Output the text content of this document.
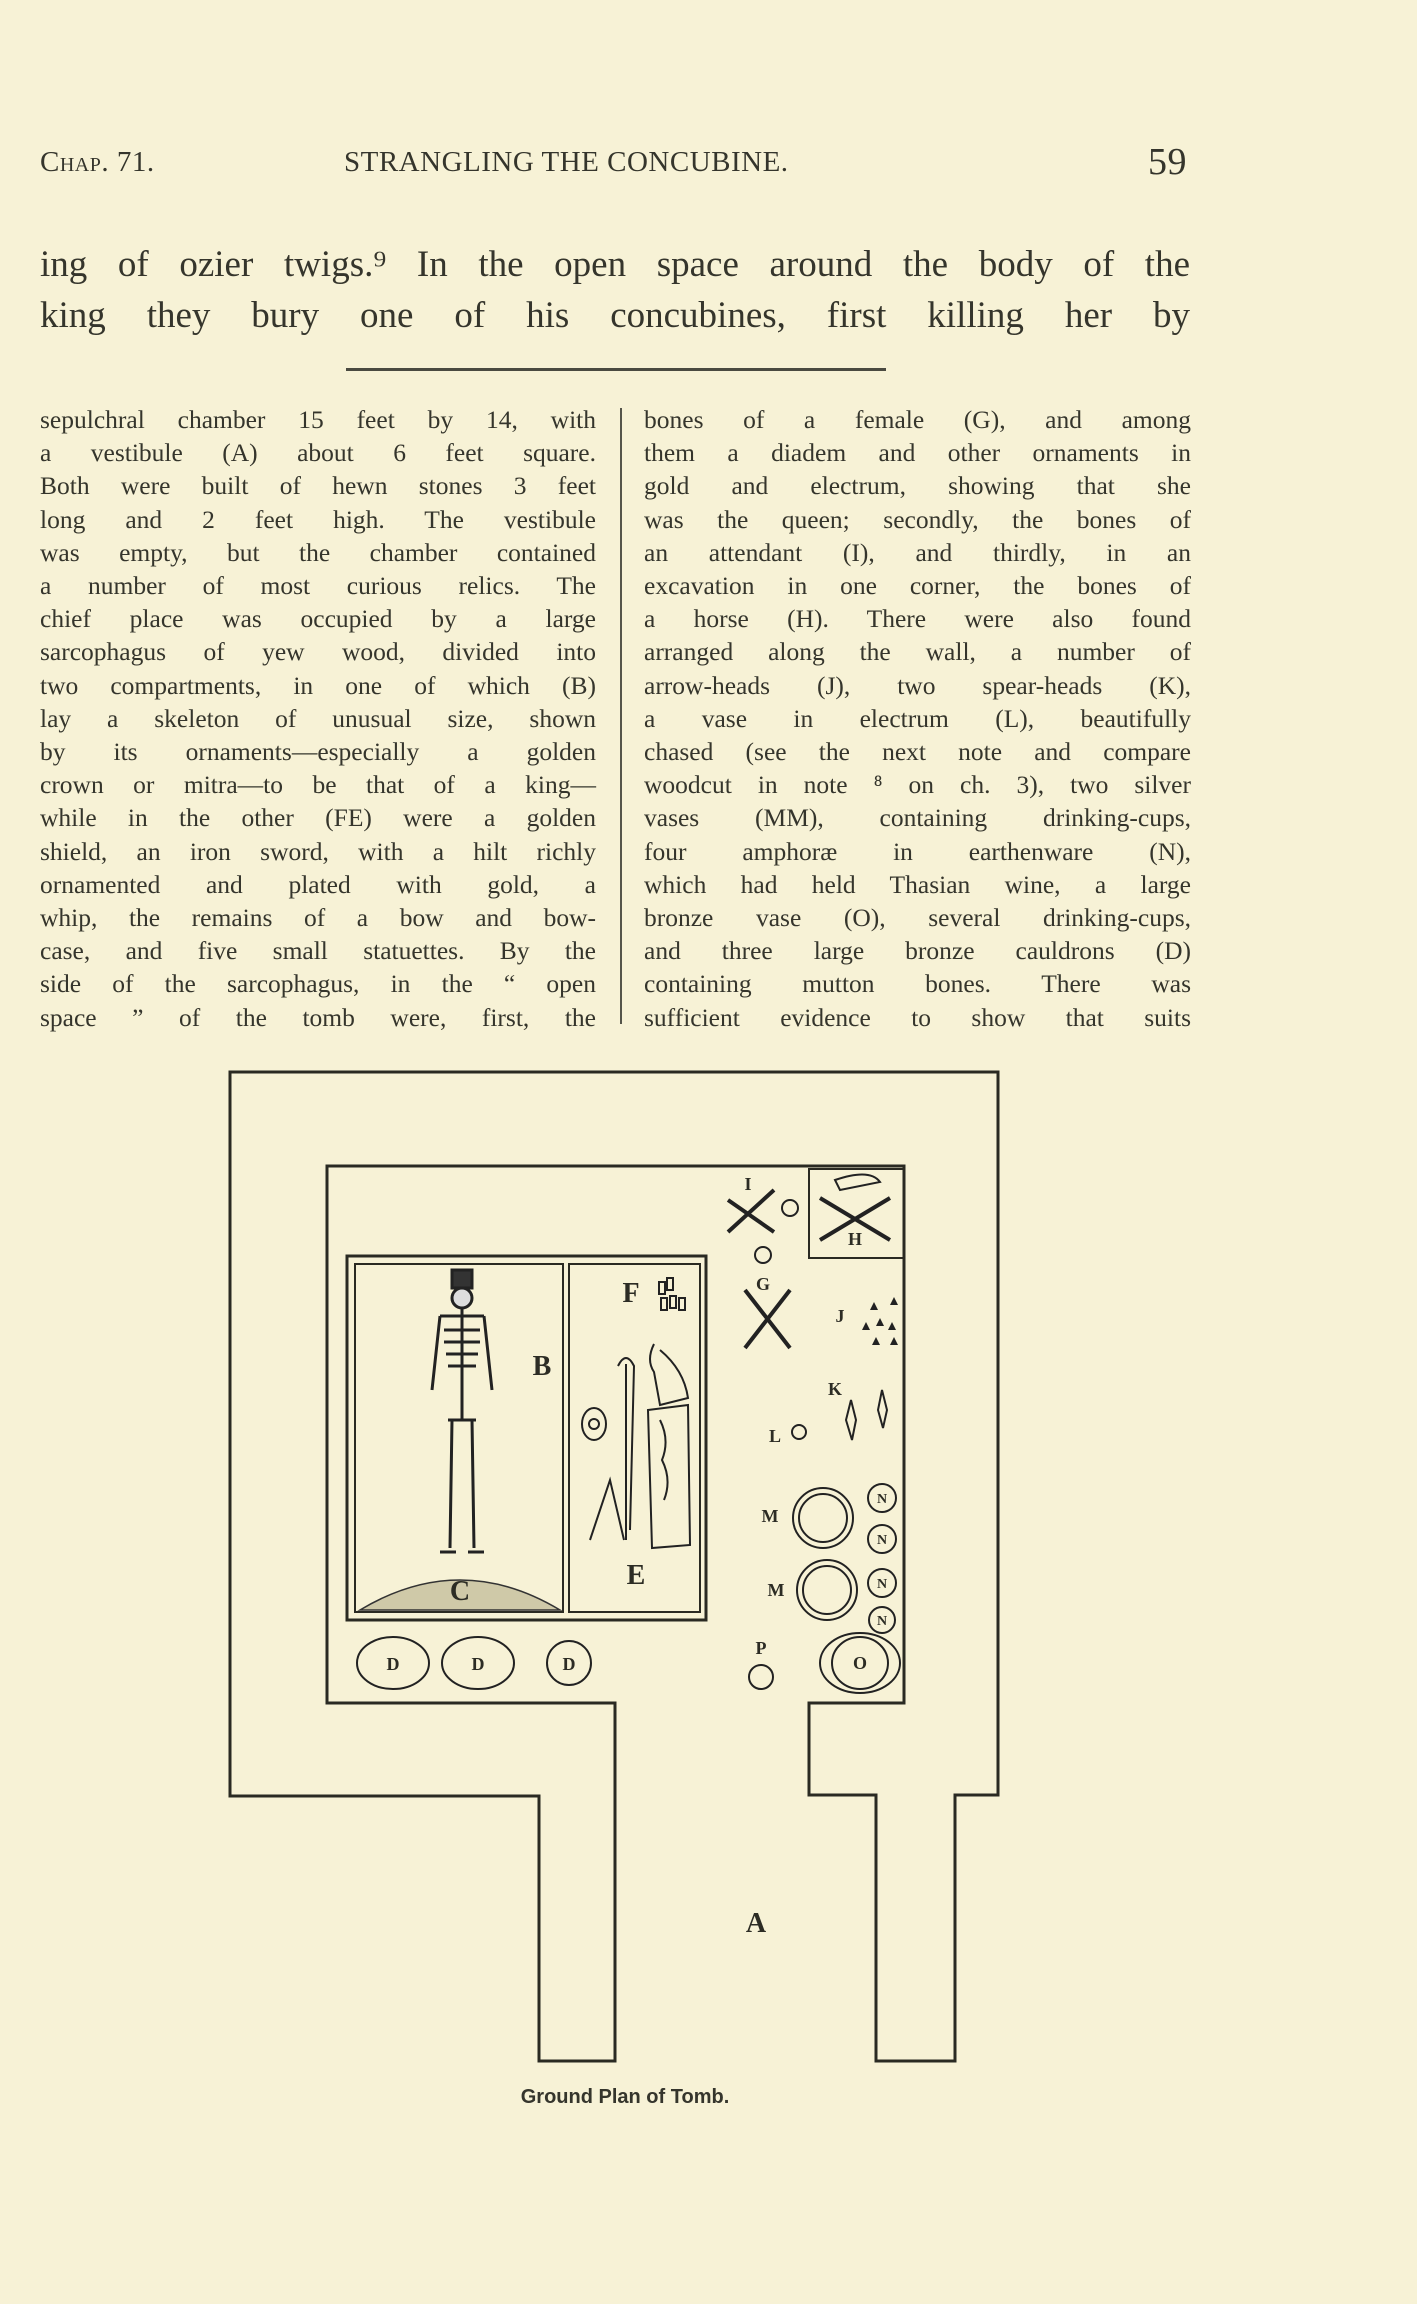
Chap. 71.	STRANGLING THE CONCUBINE.	59
ing of ozier twigs.⁹ In the open space around the body of the
king they bury one of his concubines, first killing her by
sepulchral chamber 15 feet by 14, with
a vestibule (A) about 6 feet square.
Both were built of hewn stones 3 feet
long and 2 feet high. The vestibule
was empty, but the chamber contained
a number of most curious relics. The
chief place was occupied by a large
sarcophagus of yew wood, divided into
two compartments, in one of which (B)
lay a skeleton of unusual size, shown
by its ornaments—especially a golden
crown or mitra—to be that of a king—
while in the other (FE) were a golden
shield, an iron sword, with a hilt richly
ornamented and plated with gold, a
whip, the remains of a bow and bow-
case, and five small statuettes. By the
side of the sarcophagus, in the “ open
space ” of the tomb were, first, the
bones of a female (G), and among
them a diadem and other ornaments in
gold and electrum, showing that she
was the queen; secondly, the bones of
an attendant (I), and thirdly, in an
excavation in one corner, the bones of
a horse (H). There were also found
arranged along the wall, a number of
arrow-heads (J), two spear-heads (K),
a vase in electrum (L), beautifully
chased (see the next note and compare
woodcut in note ⁸ on ch. 3), two silver
vases (MM), containing drinking-cups,
four amphoræ in earthenware (N),
which had held Thasian wine, a large
bronze vase (O), several drinking-cups,
and three large bronze cauldrons (D)
containing mutton bones. There was
sufficient evidence to show that suits
A
B
C
E
F
D	D	D
I
G
H
J
K
L
M
M
P
O
N
N
N
N
Ground Plan of Tomb.
